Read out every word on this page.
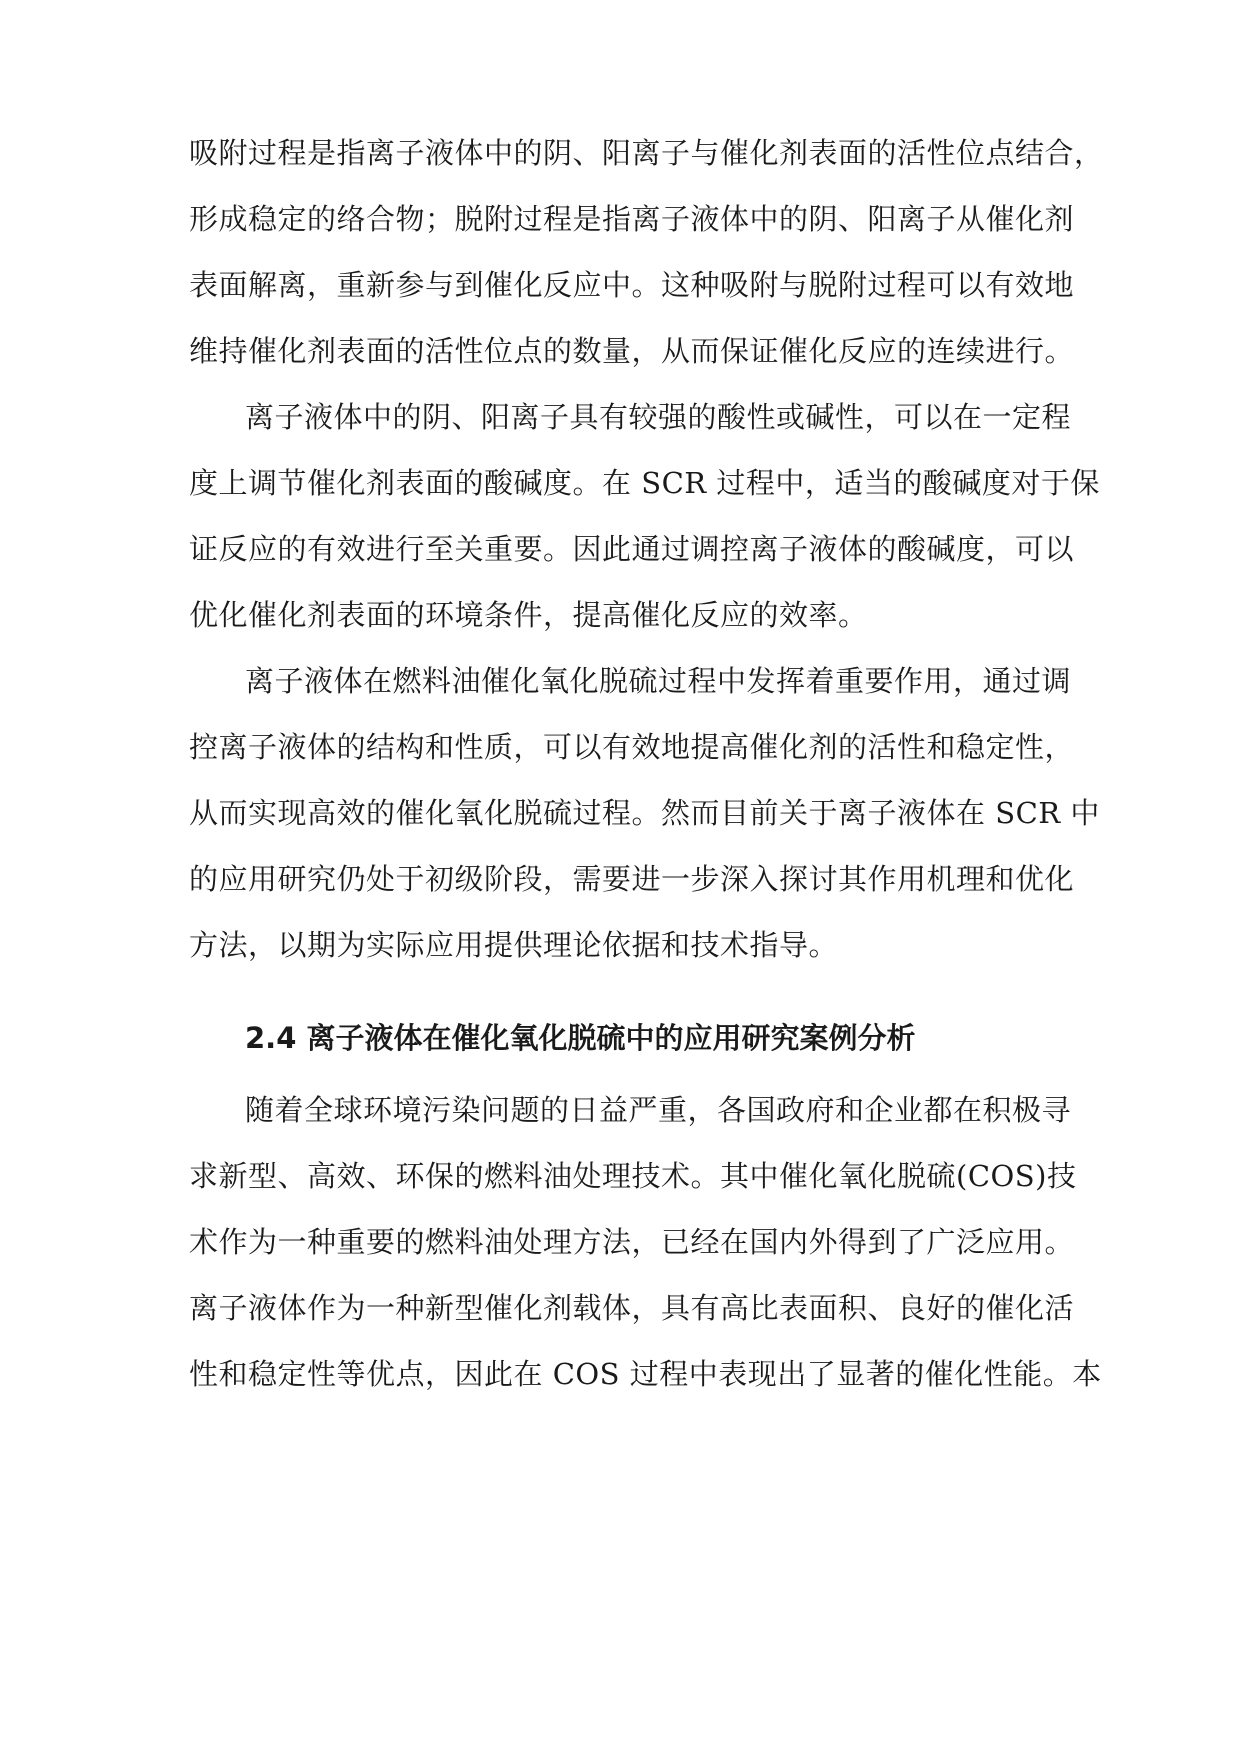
吸附过程是指离子液体中的阴、阳离子与催化剂表面的活性位点结合，
形成稳定的络合物；脱附过程是指离子液体中的阴、阳离子从催化剂
表面解离，重新参与到催化反应中。这种吸附与脱附过程可以有效地
维持催化剂表面的活性位点的数量，从而保证催化反应的连续进行。
离子液体中的阴、阳离子具有较强的酸性或碱性，可以在一定程
度上调节催化剂表面的酸碱度。在 SCR 过程中，适当的酸碱度对于保
证反应的有效进行至关重要。因此通过调控离子液体的酸碱度，可以
优化催化剂表面的环境条件，提高催化反应的效率。
离子液体在燃料油催化氧化脱硫过程中发挥着重要作用，通过调
控离子液体的结构和性质，可以有效地提高催化剂的活性和稳定性，
从而实现高效的催化氧化脱硫过程。然而目前关于离子液体在 SCR 中
的应用研究仍处于初级阶段，需要进一步深入探讨其作用机理和优化
方法，以期为实际应用提供理论依据和技术指导。
2.4 离子液体在催化氧化脱硫中的应用研究案例分析
随着全球环境污染问题的日益严重，各国政府和企业都在积极寻
求新型、高效、环保的燃料油处理技术。其中催化氧化脱硫(COS)技
术作为一种重要的燃料油处理方法，已经在国内外得到了广泛应用。
离子液体作为一种新型催化剂载体，具有高比表面积、良好的催化活
性和稳定性等优点，因此在 COS 过程中表现出了显著的催化性能。本
